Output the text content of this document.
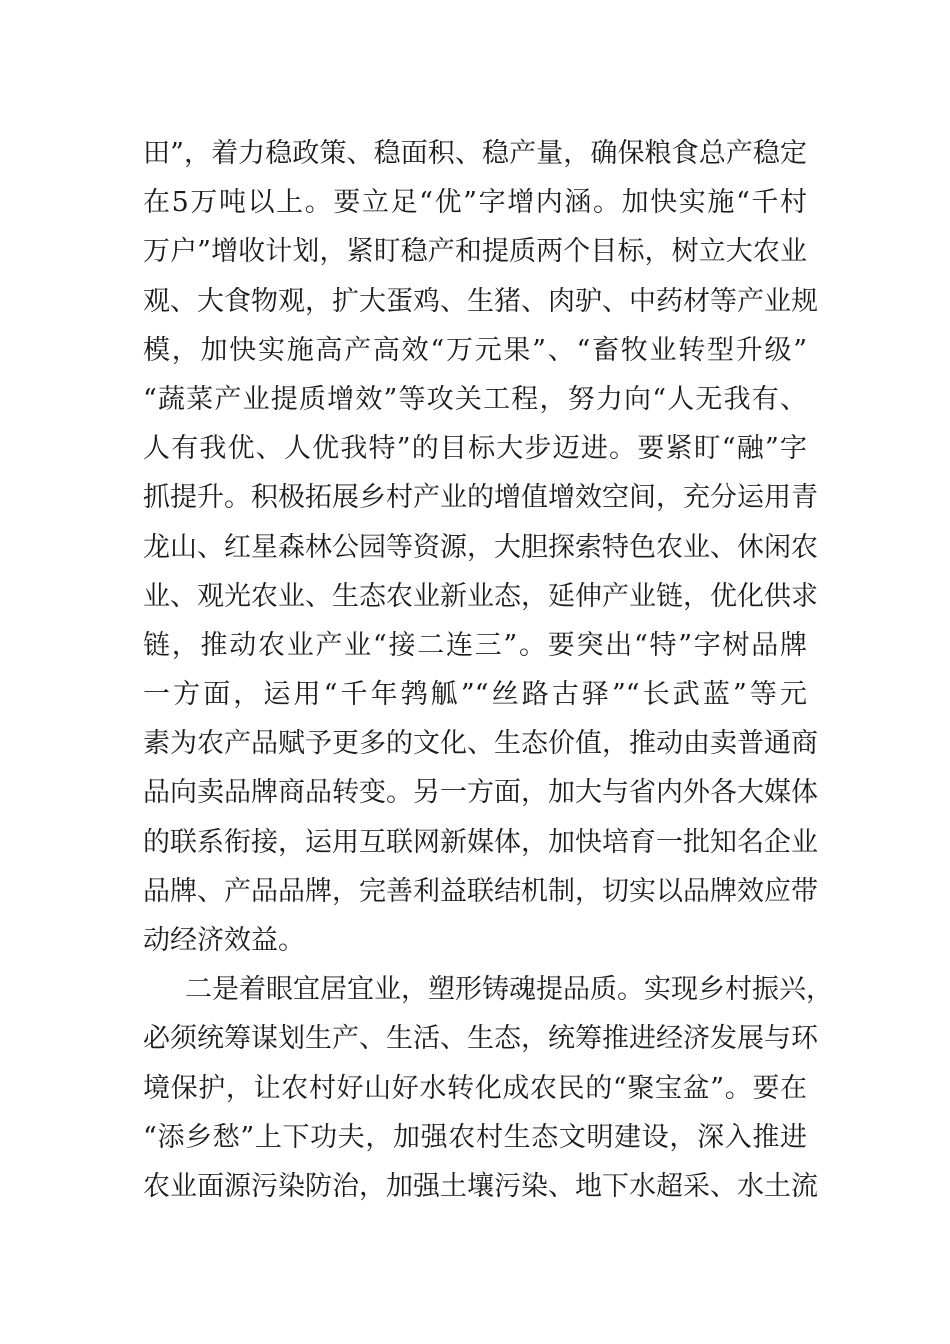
田”，着力稳政策、稳面积、稳产量，确保粮食总产稳定
在5万吨以上。要立足“优”字增内涵。加快实施“千村
万户”增收计划，紧盯稳产和提质两个目标，树立大农业
观、大食物观，扩大蛋鸡、生猪、肉驴、中药材等产业规
模，加快实施高产高效“万元果”、“畜牧业转型升级”
“蔬菜产业提质增效”等攻关工程，努力向“人无我有、
人有我优、人优我特”的目标大步迈进。要紧盯“融”字
抓提升。积极拓展乡村产业的增值增效空间，充分运用青
龙山、红星森林公园等资源，大胆探索特色农业、休闲农
业、观光农业、生态农业新业态，延伸产业链，优化供求
链，推动农业产业“接二连三”。要突出“特”字树品牌
一方面，运用“千年鹁觚”“丝路古驿”“长武蓝”等元
素为农产品赋予更多的文化、生态价值，推动由卖普通商
品向卖品牌商品转变。另一方面，加大与省内外各大媒体
的联系衔接，运用互联网新媒体，加快培育一批知名企业
品牌、产品品牌，完善利益联结机制，切实以品牌效应带
动经济效益。
二是着眼宜居宜业，塑形铸魂提品质。实现乡村振兴，
必须统筹谋划生产、生活、生态，统筹推进经济发展与环
境保护，让农村好山好水转化成农民的“聚宝盆”。要在
“添乡愁”上下功夫，加强农村生态文明建设，深入推进
农业面源污染防治，加强土壤污染、地下水超采、水土流
